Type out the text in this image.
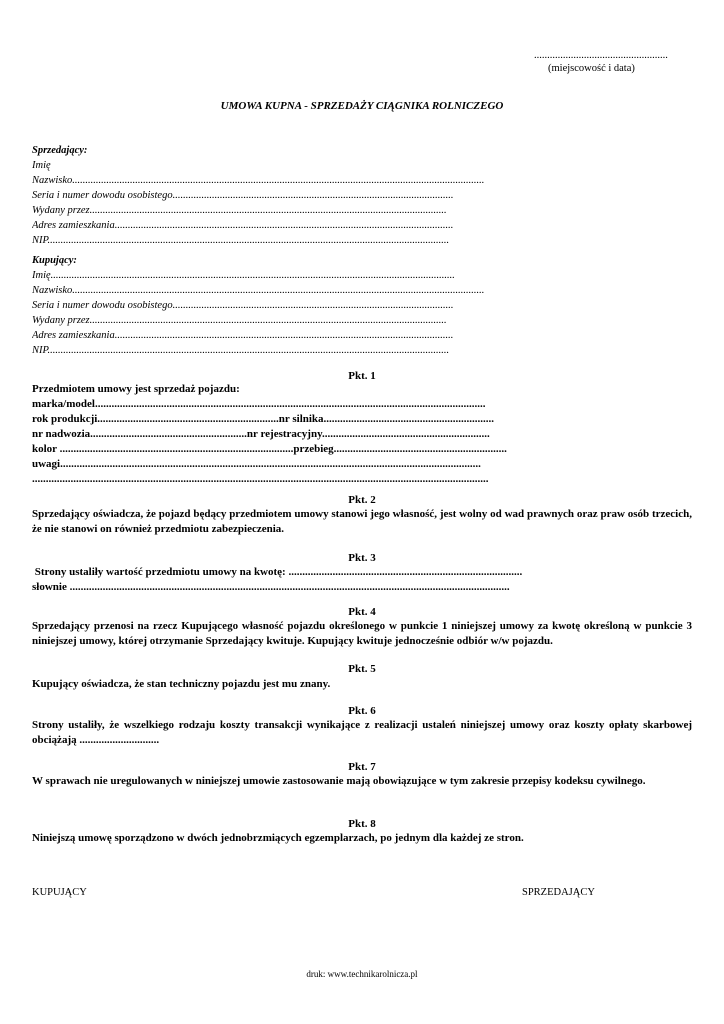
...................................................
(miejscowość i data)
UMOWA KUPNA - SPRZEDAŻY CIĄGNIKA ROLNICZEGO
Sprzedający:
Imię
Nazwisko.............................................................................................................................................................
Seria i numer dowodu osobistego...........................................................................................................
Wydany przez........................................................................................................................................
Adres zamieszkania.................................................................................................................................
NIP.........................................................................................................................................................
Kupujący:
Imię..........................................................................................................................................................
Nazwisko.............................................................................................................................................................
Seria i numer dowodu osobistego...........................................................................................................
Wydany przez........................................................................................................................................
Adres zamieszkania.................................................................................................................................
NIP.........................................................................................................................................................
Pkt. 1
Przedmiotem umowy jest sprzedaż pojazdu:
marka/model..............................................................................................................................................
rok produkcji..................................................................nr silnika..............................................................
nr nadwozia.........................................................nr rejestracyjny.............................................................
kolor .....................................................................................przebieg...............................................................
uwagi.........................................................................................................................................................
......................................................................................................................................................................
Pkt. 2
Sprzedający oświadcza, że pojazd będący przedmiotem umowy stanowi jego własność, jest wolny od wad prawnych oraz praw osób trzecich, że nie stanowi on również przedmiotu zabezpieczenia.
Pkt. 3
Strony ustaliły wartość przedmiotu umowy na kwotę: .....................................................................................
słownie ................................................................................................................................................................
Pkt. 4
Sprzedający przenosi na rzecz Kupującego własność pojazdu określonego w punkcie 1 niniejszej umowy za kwotę określoną w punkcie 3 niniejszej umowy, której otrzymanie Sprzedający kwituje. Kupujący kwituje jednocześnie odbiór w/w pojazdu.
Pkt. 5
Kupujący oświadcza, że stan techniczny pojazdu jest mu znany.
Pkt. 6
Strony ustaliły, że wszelkiego rodzaju koszty transakcji wynikające z realizacji ustaleń niniejszej umowy oraz koszty opłaty skarbowej obciążają .............................
Pkt. 7
W sprawach nie uregulowanych w niniejszej umowie zastosowanie mają obowiązujące w tym zakresie przepisy kodeksu cywilnego.
Pkt. 8
Niniejszą umowę sporządzono w dwóch jednobrzmiących egzemplarzach, po jednym dla każdej ze stron.
KUPUJĄCY	SPRZEDAJĄCY
druk: www.technikarolnicza.pl
